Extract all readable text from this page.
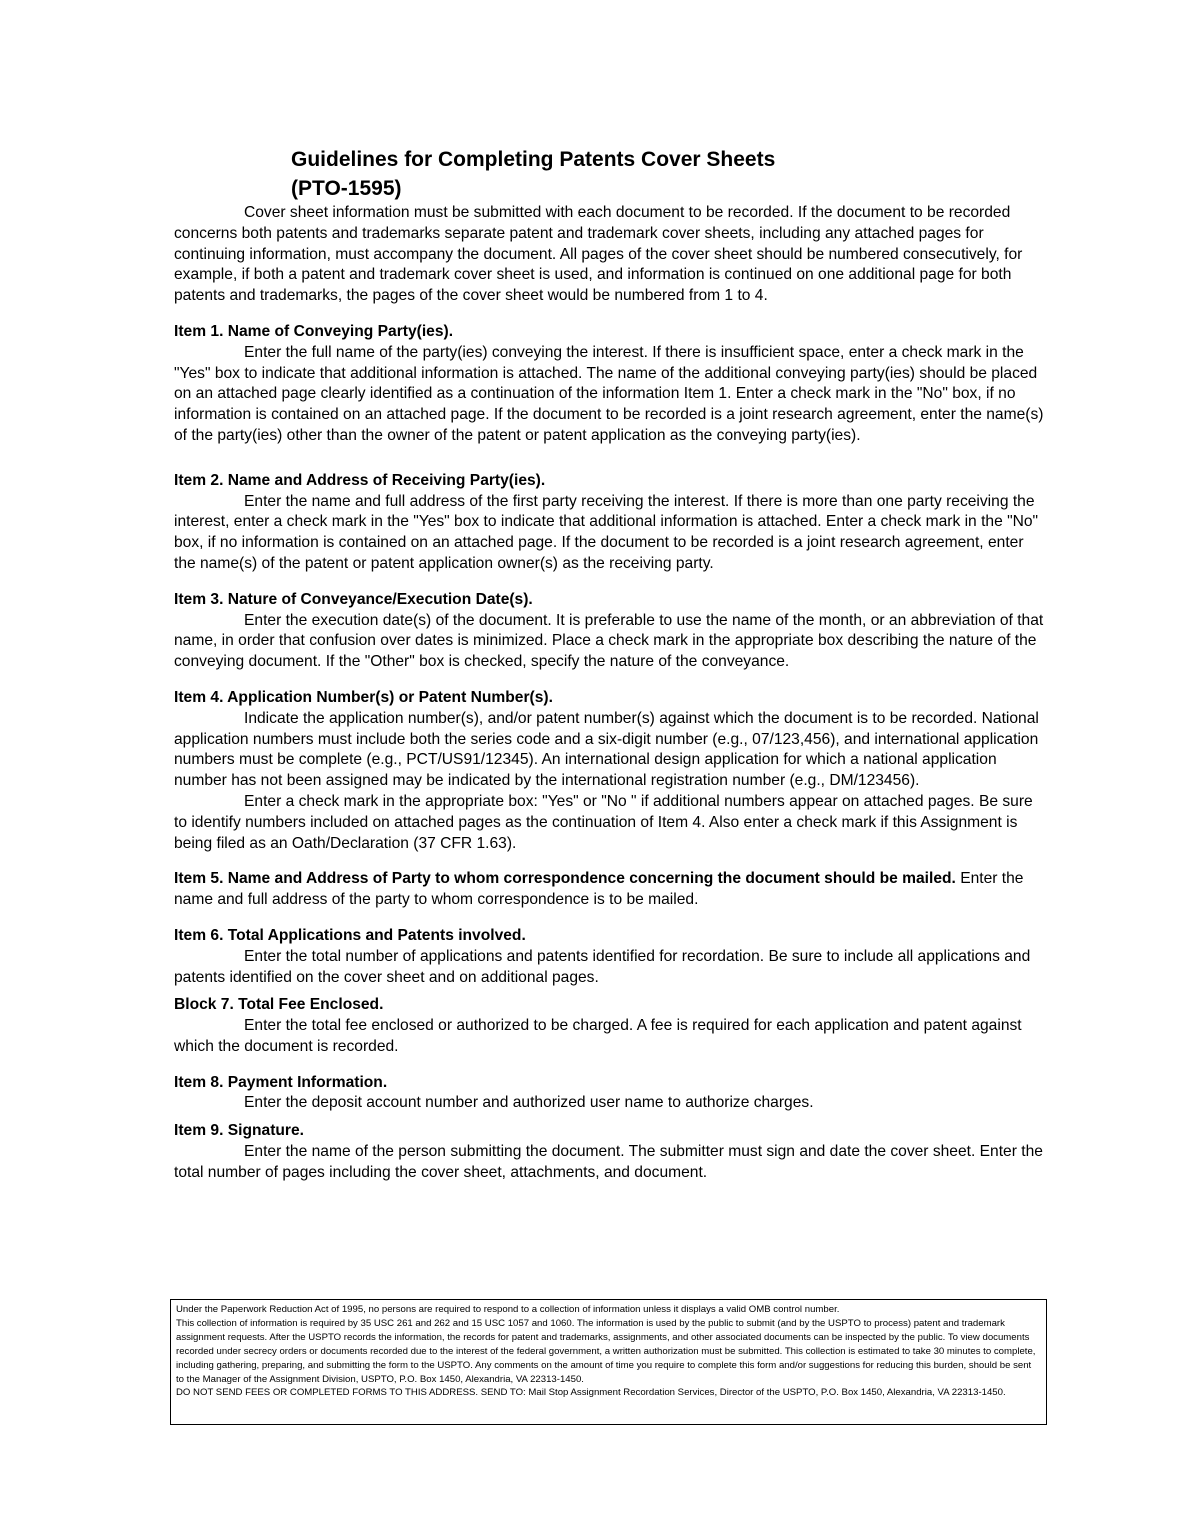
Guidelines for Completing Patents Cover Sheets
(PTO-1595)

Cover sheet information must be submitted with each document to be recorded. If the document to be recorded concerns both patents and trademarks separate patent and trademark cover sheets, including any attached pages for continuing information, must accompany the document. All pages of the cover sheet should be numbered consecutively, for example, if both a patent and trademark cover sheet is used, and information is continued on one additional page for both patents and trademarks, the pages of the cover sheet would be numbered from 1 to 4.

Item 1. Name of Conveying Party(ies).

Enter the full name of the party(ies) conveying the interest. If there is insufficient space, enter a check mark in the "Yes" box to indicate that additional information is attached. The name of the additional conveying party(ies) should be placed on an attached page clearly identified as a continuation of the information Item 1. Enter a check mark in the "No" box, if no information is contained on an attached page. If the document to be recorded is a joint research agreement, enter the name(s) of the party(ies) other than the owner of the patent or patent application as the conveying party(ies).

Item 2. Name and Address of Receiving Party(ies).

Enter the name and full address of the first party receiving the interest. If there is more than one party receiving the interest, enter a check mark in the "Yes" box to indicate that additional information is attached. Enter a check mark in the "No" box, if no information is contained on an attached page. If the document to be recorded is a joint research agreement, enter the name(s) of the patent or patent application owner(s) as the receiving party.

Item 3. Nature of Conveyance/Execution Date(s).

Enter the execution date(s) of the document. It is preferable to use the name of the month, or an abbreviation of that name, in order that confusion over dates is minimized. Place a check mark in the appropriate box describing the nature of the conveying document. If the "Other" box is checked, specify the nature of the conveyance.

Item 4. Application Number(s) or Patent Number(s).

Indicate the application number(s), and/or patent number(s) against which the document is to be recorded. National application numbers must include both the series code and a six-digit number (e.g., 07/123,456), and international application numbers must be complete (e.g., PCT/US91/12345). An international design application for which a national application number has not been assigned may be indicated by the international registration number (e.g., DM/123456).

Enter a check mark in the appropriate box: "Yes" or "No " if additional numbers appear on attached pages. Be sure to identify numbers included on attached pages as the continuation of Item 4. Also enter a check mark if this Assignment is being filed as an Oath/Declaration (37 CFR 1.63).

Item 5. Name and Address of Party to whom correspondence concerning the document should be mailed. Enter the name and full address of the party to whom correspondence is to be mailed.

Item 6. Total Applications and Patents involved.

Enter the total number of applications and patents identified for recordation. Be sure to include all applications and patents identified on the cover sheet and on additional pages.

Block 7. Total Fee Enclosed.

Enter the total fee enclosed or authorized to be charged. A fee is required for each application and patent against which the document is recorded.

Item 8. Payment Information.

Enter the deposit account number and authorized user name to authorize charges.

Item 9. Signature.

Enter the name of the person submitting the document. The submitter must sign and date the cover sheet. Enter the total number of pages including the cover sheet, attachments, and document.

Under the Paperwork Reduction Act of 1995, no persons are required to respond to a collection of information unless it displays a valid OMB control number.

This collection of information is required by 35 USC 261 and 262 and 15 USC 1057 and 1060. The information is used by the public to submit (and by the USPTO to process) patent and trademark assignment requests. After the USPTO records the information, the records for patent and trademarks, assignments, and other associated documents can be inspected by the public. To view documents recorded under secrecy orders or documents recorded due to the interest of the federal government, a written authorization must be submitted. This collection is estimated to take 30 minutes to complete, including gathering, preparing, and submitting the form to the USPTO. Any comments on the amount of time you require to complete this form and/or suggestions for reducing this burden, should be sent to the Manager of the Assignment Division, USPTO, P.O. Box 1450, Alexandria, VA 22313-1450.

DO NOT SEND FEES OR COMPLETED FORMS TO THIS ADDRESS. SEND TO: Mail Stop Assignment Recordation Services, Director of the USPTO, P.O. Box 1450, Alexandria, VA 22313-1450.
